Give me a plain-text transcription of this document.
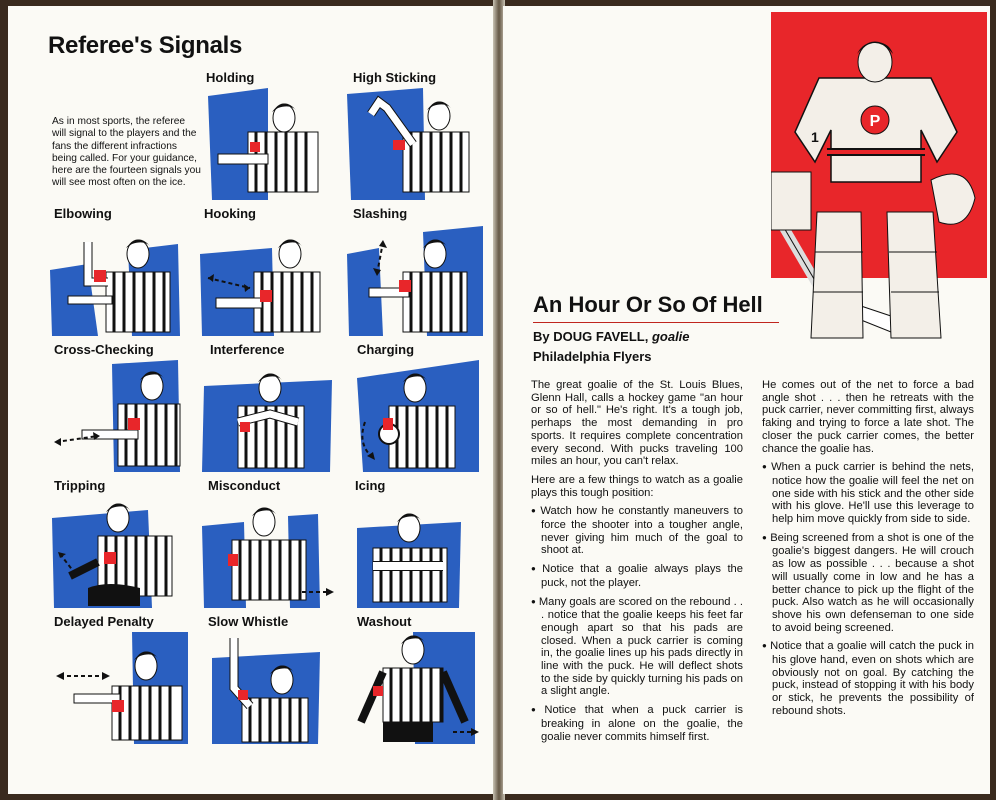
Referee's Signals
As in most sports, the referee will signal to the players and the fans the different infractions being called. For your guidance, here are the fourteen signals you will see most often on the ice.
Holding	High Sticking
Elbowing	Hooking	Slashing
Cross-Checking	Interference	Charging
Tripping	Misconduct	Icing
Delayed Penalty	Slow Whistle	Washout
P
1
An Hour Or So Of Hell
By DOUG FAVELL, goalie
Philadelphia Flyers

The great goalie of the St. Louis Blues, Glenn Hall, calls a hockey game "an hour or so of hell." He's right. It's a tough job, perhaps the most demanding in pro sports. It requires complete concentration every second. With pucks traveling 100 miles an hour, you can't relax.

Here are a few things to watch as a goalie plays this tough position:

● Watch how he constantly maneuvers to force the shooter into a tougher angle, never giving him much of the goal to shoot at.
● Notice that a goalie always plays the puck, not the player.
● Many goals are scored on the rebound . . . notice that the goalie keeps his feet far enough apart so that his pads are closed. When a puck carrier is coming in, the goalie lines up his pads directly in line with the puck. He will deflect shots to the side by quickly turning his pads on a slight angle.
● Notice that when a puck carrier is breaking in alone on the goalie, the goalie never commits himself first.

He comes out of the net to force a bad angle shot . . . then he retreats with the puck carrier, never committing first, always faking and trying to force a late shot. The closer the puck carrier comes, the better chance the goalie has.

● When a puck carrier is behind the nets, notice how the goalie will feel the net on one side with his stick and the other side with his glove. He'll use this leverage to help him move quickly from side to side.
● Being screened from a shot is one of the goalie's biggest dangers. He will crouch as low as possible . . . because a shot will usually come in low and he has a better chance to pick up the flight of the puck. Also watch as he will occasionally shove his own defenseman to one side to avoid being screened.
● Notice that a goalie will catch the puck in his glove hand, even on shots which are obviously not on goal. By catching the puck, instead of stopping it with his body or stick, he prevents the possibility of rebound shots.
